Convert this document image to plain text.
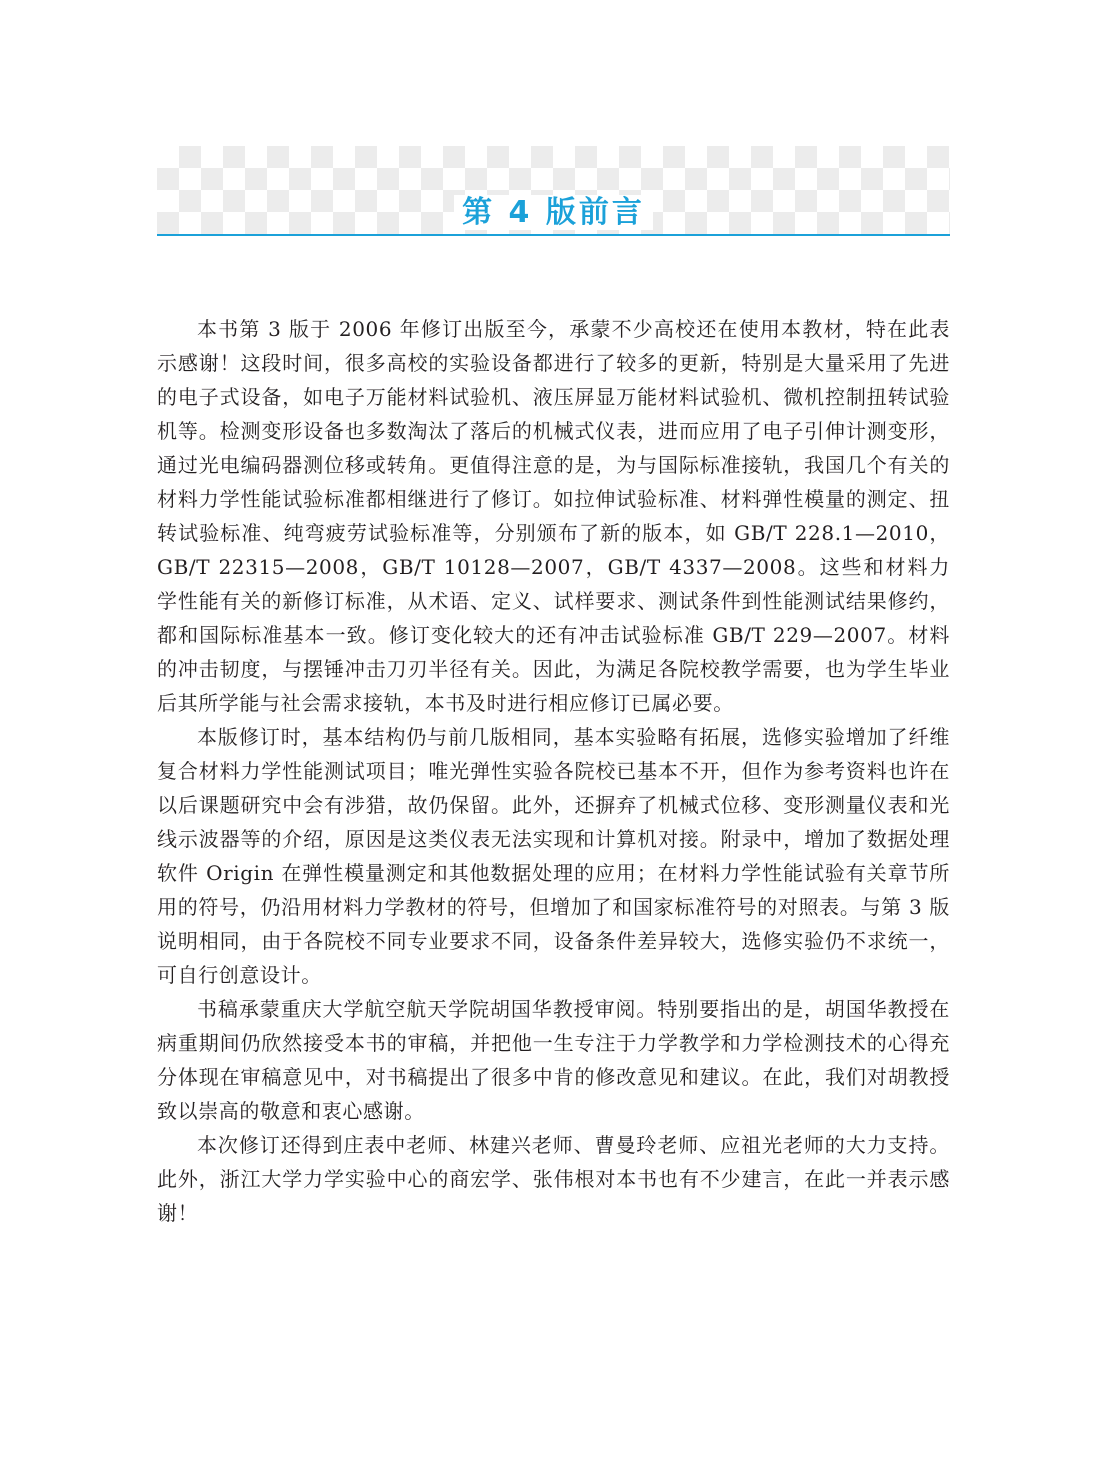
第 4 版前言

本书第 3 版于 2006 年修订出版至今，承蒙不少高校还在使用本教材，特在此表示感谢！这段时间，很多高校的实验设备都进行了较多的更新，特别是大量采用了先进的电子式设备，如电子万能材料试验机、液压屏显万能材料试验机、微机控制扭转试验机等。检测变形设备也多数淘汰了落后的机械式仪表，进而应用了电子引伸计测变形，通过光电编码器测位移或转角。更值得注意的是，为与国际标准接轨，我国几个有关的材料力学性能试验标准都相继进行了修订。如拉伸试验标准、材料弹性模量的测定、扭转试验标准、纯弯疲劳试验标准等，分别颁布了新的版本，如 GB/T 228.1—2010，GB/T 22315—2008，GB/T 10128—2007，GB/T 4337—2008。这些和材料力学性能有关的新修订标准，从术语、定义、试样要求、测试条件到性能测试结果修约，都和国际标准基本一致。修订变化较大的还有冲击试验标准 GB/T 229—2007。材料的冲击韧度，与摆锤冲击刀刃半径有关。因此，为满足各院校教学需要，也为学生毕业后其所学能与社会需求接轨，本书及时进行相应修订已属必要。

本版修订时，基本结构仍与前几版相同，基本实验略有拓展，选修实验增加了纤维复合材料力学性能测试项目；唯光弹性实验各院校已基本不开，但作为参考资料也许在以后课题研究中会有涉猎，故仍保留。此外，还摒弃了机械式位移、变形测量仪表和光线示波器等的介绍，原因是这类仪表无法实现和计算机对接。附录中，增加了数据处理软件 Origin 在弹性模量测定和其他数据处理的应用；在材料力学性能试验有关章节所用的符号，仍沿用材料力学教材的符号，但增加了和国家标准符号的对照表。与第 3 版说明相同，由于各院校不同专业要求不同，设备条件差异较大，选修实验仍不求统一，可自行创意设计。

书稿承蒙重庆大学航空航天学院胡国华教授审阅。特别要指出的是，胡国华教授在病重期间仍欣然接受本书的审稿，并把他一生专注于力学教学和力学检测技术的心得充分体现在审稿意见中，对书稿提出了很多中肯的修改意见和建议。在此，我们对胡教授致以崇高的敬意和衷心感谢。

本次修订还得到庄表中老师、林建兴老师、曹曼玲老师、应祖光老师的大力支持。此外，浙江大学力学实验中心的商宏学、张伟根对本书也有不少建言，在此一并表示感谢！
